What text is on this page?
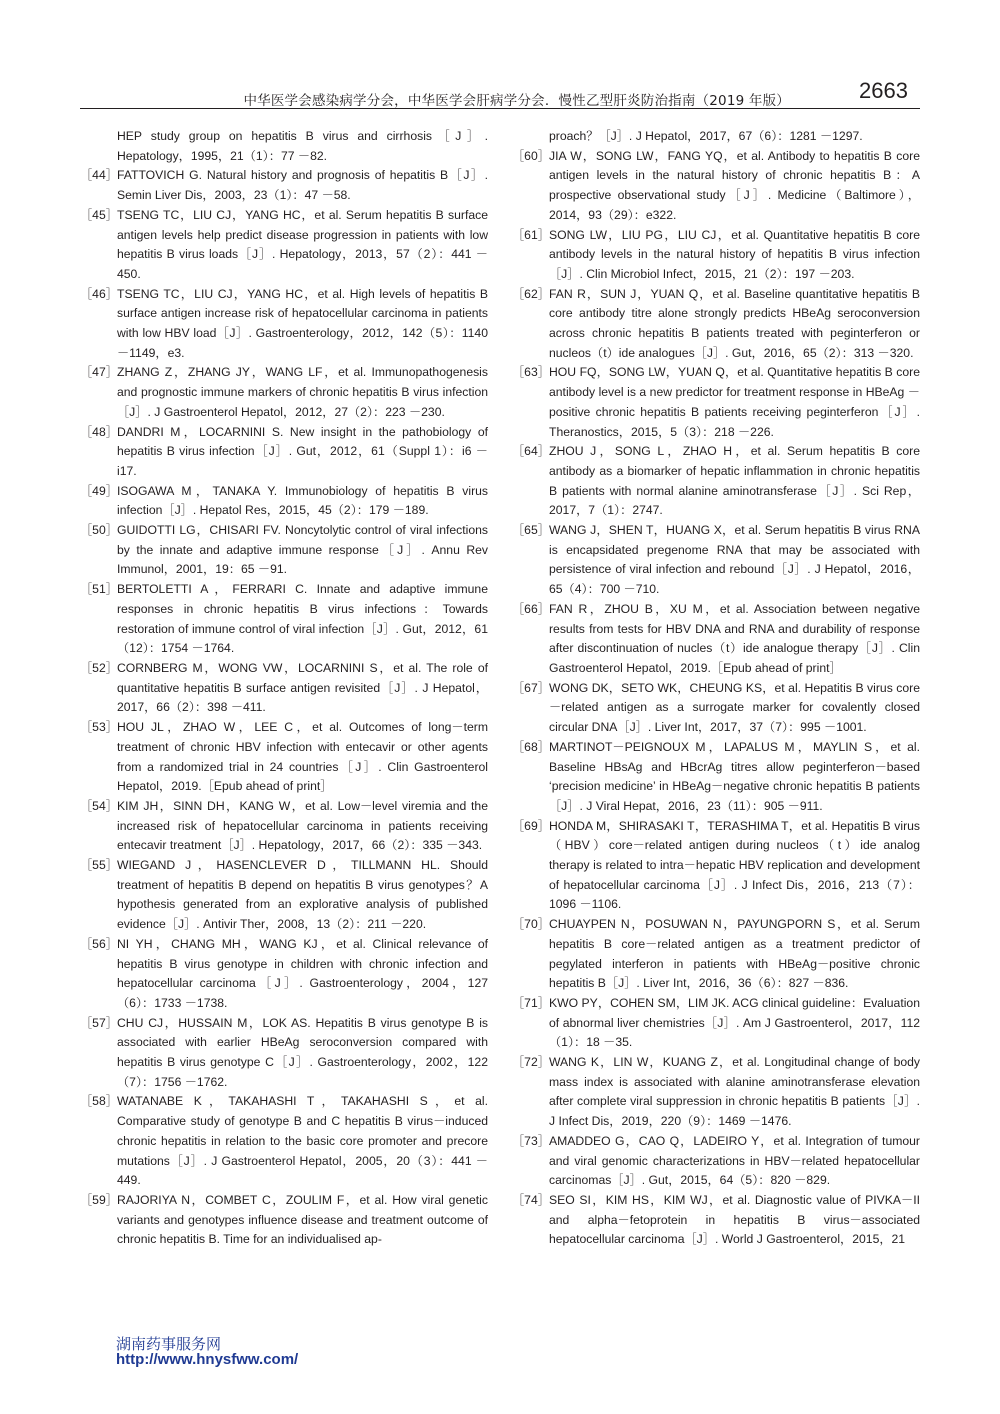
中华医学会感染病学分会，中华医学会肝病学分会．慢性乙型肝炎防治指南（2019 年版）	2663

HEP study group on hepatitis B virus and cirrhosis［J］. Hepatology，1995，21（1）：77 －82.

［44］ FATTOVICH G. Natural history and prognosis of hepatitis B［J］. Semin Liver Dis，2003，23（1）：47 －58.
［45］ TSENG TC，LIU CJ，YANG HC，et al. Serum hepatitis B surface antigen levels help predict disease progression in patients with low hepatitis B virus loads［J］. Hepatology，2013，57（2）：441 －450.
［46］ TSENG TC，LIU CJ，YANG HC，et al. High levels of hepatitis B surface antigen increase risk of hepatocellular carcinoma in patients with low HBV load［J］. Gastroenterology，2012，142（5）：1140 －1149，e3.
［47］ ZHANG Z，ZHANG JY，WANG LF，et al. Immunopathogenesis and prognostic immune markers of chronic hepatitis B virus infection［J］. J Gastroenterol Hepatol，2012，27（2）：223 －230.
［48］ DANDRI M，LOCARNINI S. New insight in the pathobiology of hepatitis B virus infection［J］. Gut，2012，61（Suppl 1）：i6 －i17.
［49］ ISOGAWA M，TANAKA Y. Immunobiology of hepatitis B virus infection［J］. Hepatol Res，2015，45（2）：179 －189.
［50］ GUIDOTTI LG，CHISARI FV. Noncytolytic control of viral infections by the innate and adaptive immune response［J］. Annu Rev Immunol，2001，19：65 －91.
［51］ BERTOLETTI A，FERRARI C. Innate and adaptive immune responses in chronic hepatitis B virus infections：Towards restoration of immune control of viral infection［J］. Gut，2012，61（12）：1754 －1764.
［52］ CORNBERG M，WONG VW，LOCARNINI S，et al. The role of quantitative hepatitis B surface antigen revisited［J］. J Hepatol，2017，66（2）：398 －411.
［53］ HOU JL，ZHAO W，LEE C，et al. Outcomes of long－term treatment of chronic HBV infection with entecavir or other agents from a randomized trial in 24 countries［J］. Clin Gastroenterol Hepatol，2019.［Epub ahead of print］
［54］ KIM JH，SINN DH，KANG W，et al. Low－level viremia and the increased risk of hepatocellular carcinoma in patients receiving entecavir treatment［J］. Hepatology，2017，66（2）：335 －343.
［55］ WIEGAND J，HASENCLEVER D，TILLMANN HL. Should treatment of hepatitis B depend on hepatitis B virus genotypes？A hypothesis generated from an explorative analysis of published evidence［J］. Antivir Ther，2008，13（2）：211 －220.
［56］ NI YH，CHANG MH，WANG KJ，et al. Clinical relevance of hepatitis B virus genotype in children with chronic infection and hepatocellular carcinoma［J］. Gastroenterology，2004，127（6）：1733 －1738.
［57］ CHU CJ，HUSSAIN M，LOK AS. Hepatitis B virus genotype B is associated with earlier HBeAg seroconversion compared with hepatitis B virus genotype C［J］. Gastroenterology，2002，122（7）：1756 －1762.
［58］ WATANABE K，TAKAHASHI T，TAKAHASHI S，et al. Comparative study of genotype B and C hepatitis B virus－induced chronic hepatitis in relation to the basic core promoter and precore mutations［J］. J Gastroenterol Hepatol，2005，20（3）：441 －449.
［59］ RAJORIYA N，COMBET C，ZOULIM F，et al. How viral genetic variants and genotypes influence disease and treatment outcome of chronic hepatitis B. Time for an individualised ap-

proach？［J］. J Hepatol，2017，67（6）：1281 －1297.

［60］ JIA W，SONG LW，FANG YQ，et al. Antibody to hepatitis B core antigen levels in the natural history of chronic hepatitis B：A prospective observational study［J］. Medicine（Baltimore），2014，93（29）：e322.
［61］ SONG LW，LIU PG，LIU CJ，et al. Quantitative hepatitis B core antibody levels in the natural history of hepatitis B virus infection［J］. Clin Microbiol Infect，2015，21（2）：197 －203.
［62］ FAN R，SUN J，YUAN Q，et al. Baseline quantitative hepatitis B core antibody titre alone strongly predicts HBeAg seroconversion across chronic hepatitis B patients treated with peginterferon or nucleos（t）ide analogues［J］. Gut，2016，65（2）：313 －320.
［63］ HOU FQ，SONG LW，YUAN Q，et al. Quantitative hepatitis B core antibody level is a new predictor for treatment response in HBeAg － positive chronic hepatitis B patients receiving peginterferon［J］. Theranostics，2015，5（3）：218 －226.
［64］ ZHOU J，SONG L，ZHAO H，et al. Serum hepatitis B core antibody as a biomarker of hepatic inflammation in chronic hepatitis B patients with normal alanine aminotransferase［J］. Sci Rep，2017，7（1）：2747.
［65］ WANG J，SHEN T，HUANG X，et al. Serum hepatitis B virus RNA is encapsidated pregenome RNA that may be associated with persistence of viral infection and rebound［J］. J Hepatol，2016，65（4）：700 －710.
［66］ FAN R，ZHOU B，XU M，et al. Association between negative results from tests for HBV DNA and RNA and durability of response after discontinuation of nucles（t）ide analogue therapy［J］. Clin Gastroenterol Hepatol，2019.［Epub ahead of print］
［67］ WONG DK，SETO WK，CHEUNG KS，et al. Hepatitis B virus core－related antigen as a surrogate marker for covalently closed circular DNA［J］. Liver Int，2017，37（7）：995 －1001.
［68］ MARTINOT－PEIGNOUX M，LAPALUS M，MAYLIN S，et al. Baseline HBsAg and HBcrAg titres allow peginterferon－based ‘precision medicine’ in HBeAg－negative chronic hepatitis B patients［J］. J Viral Hepat，2016，23（11）：905 －911.
［69］ HONDA M，SHIRASAKI T，TERASHIMA T，et al. Hepatitis B virus（HBV）core－related antigen during nucleos（t）ide analog therapy is related to intra－hepatic HBV replication and development of hepatocellular carcinoma［J］. J Infect Dis，2016，213（7）：1096 －1106.
［70］ CHUAYPEN N，POSUWAN N，PAYUNGPORN S，et al. Serum hepatitis B core－related antigen as a treatment predictor of pegylated interferon in patients with HBeAg－positive chronic hepatitis B［J］. Liver Int，2016，36（6）：827 －836.
［71］ KWO PY，COHEN SM，LIM JK. ACG clinical guideline：Evaluation of abnormal liver chemistries［J］. Am J Gastroenterol，2017，112（1）：18 －35.
［72］ WANG K，LIN W，KUANG Z，et al. Longitudinal change of body mass index is associated with alanine aminotransferase elevation after complete viral suppression in chronic hepatitis B patients［J］. J Infect Dis，2019，220（9）：1469 －1476.
［73］ AMADDEO G，CAO Q，LADEIRO Y，et al. Integration of tumour and viral genomic characterizations in HBV－related hepatocellular carcinomas［J］. Gut，2015，64（5）：820 －829.
［74］ SEO SI，KIM HS，KIM WJ，et al. Diagnostic value of PIVKA－II and alpha－fetoprotein in hepatitis B virus－associated hepatocellular carcinoma［J］. World J Gastroenterol，2015，21
湖南药事服务网
http://www.hnysfww.com/
